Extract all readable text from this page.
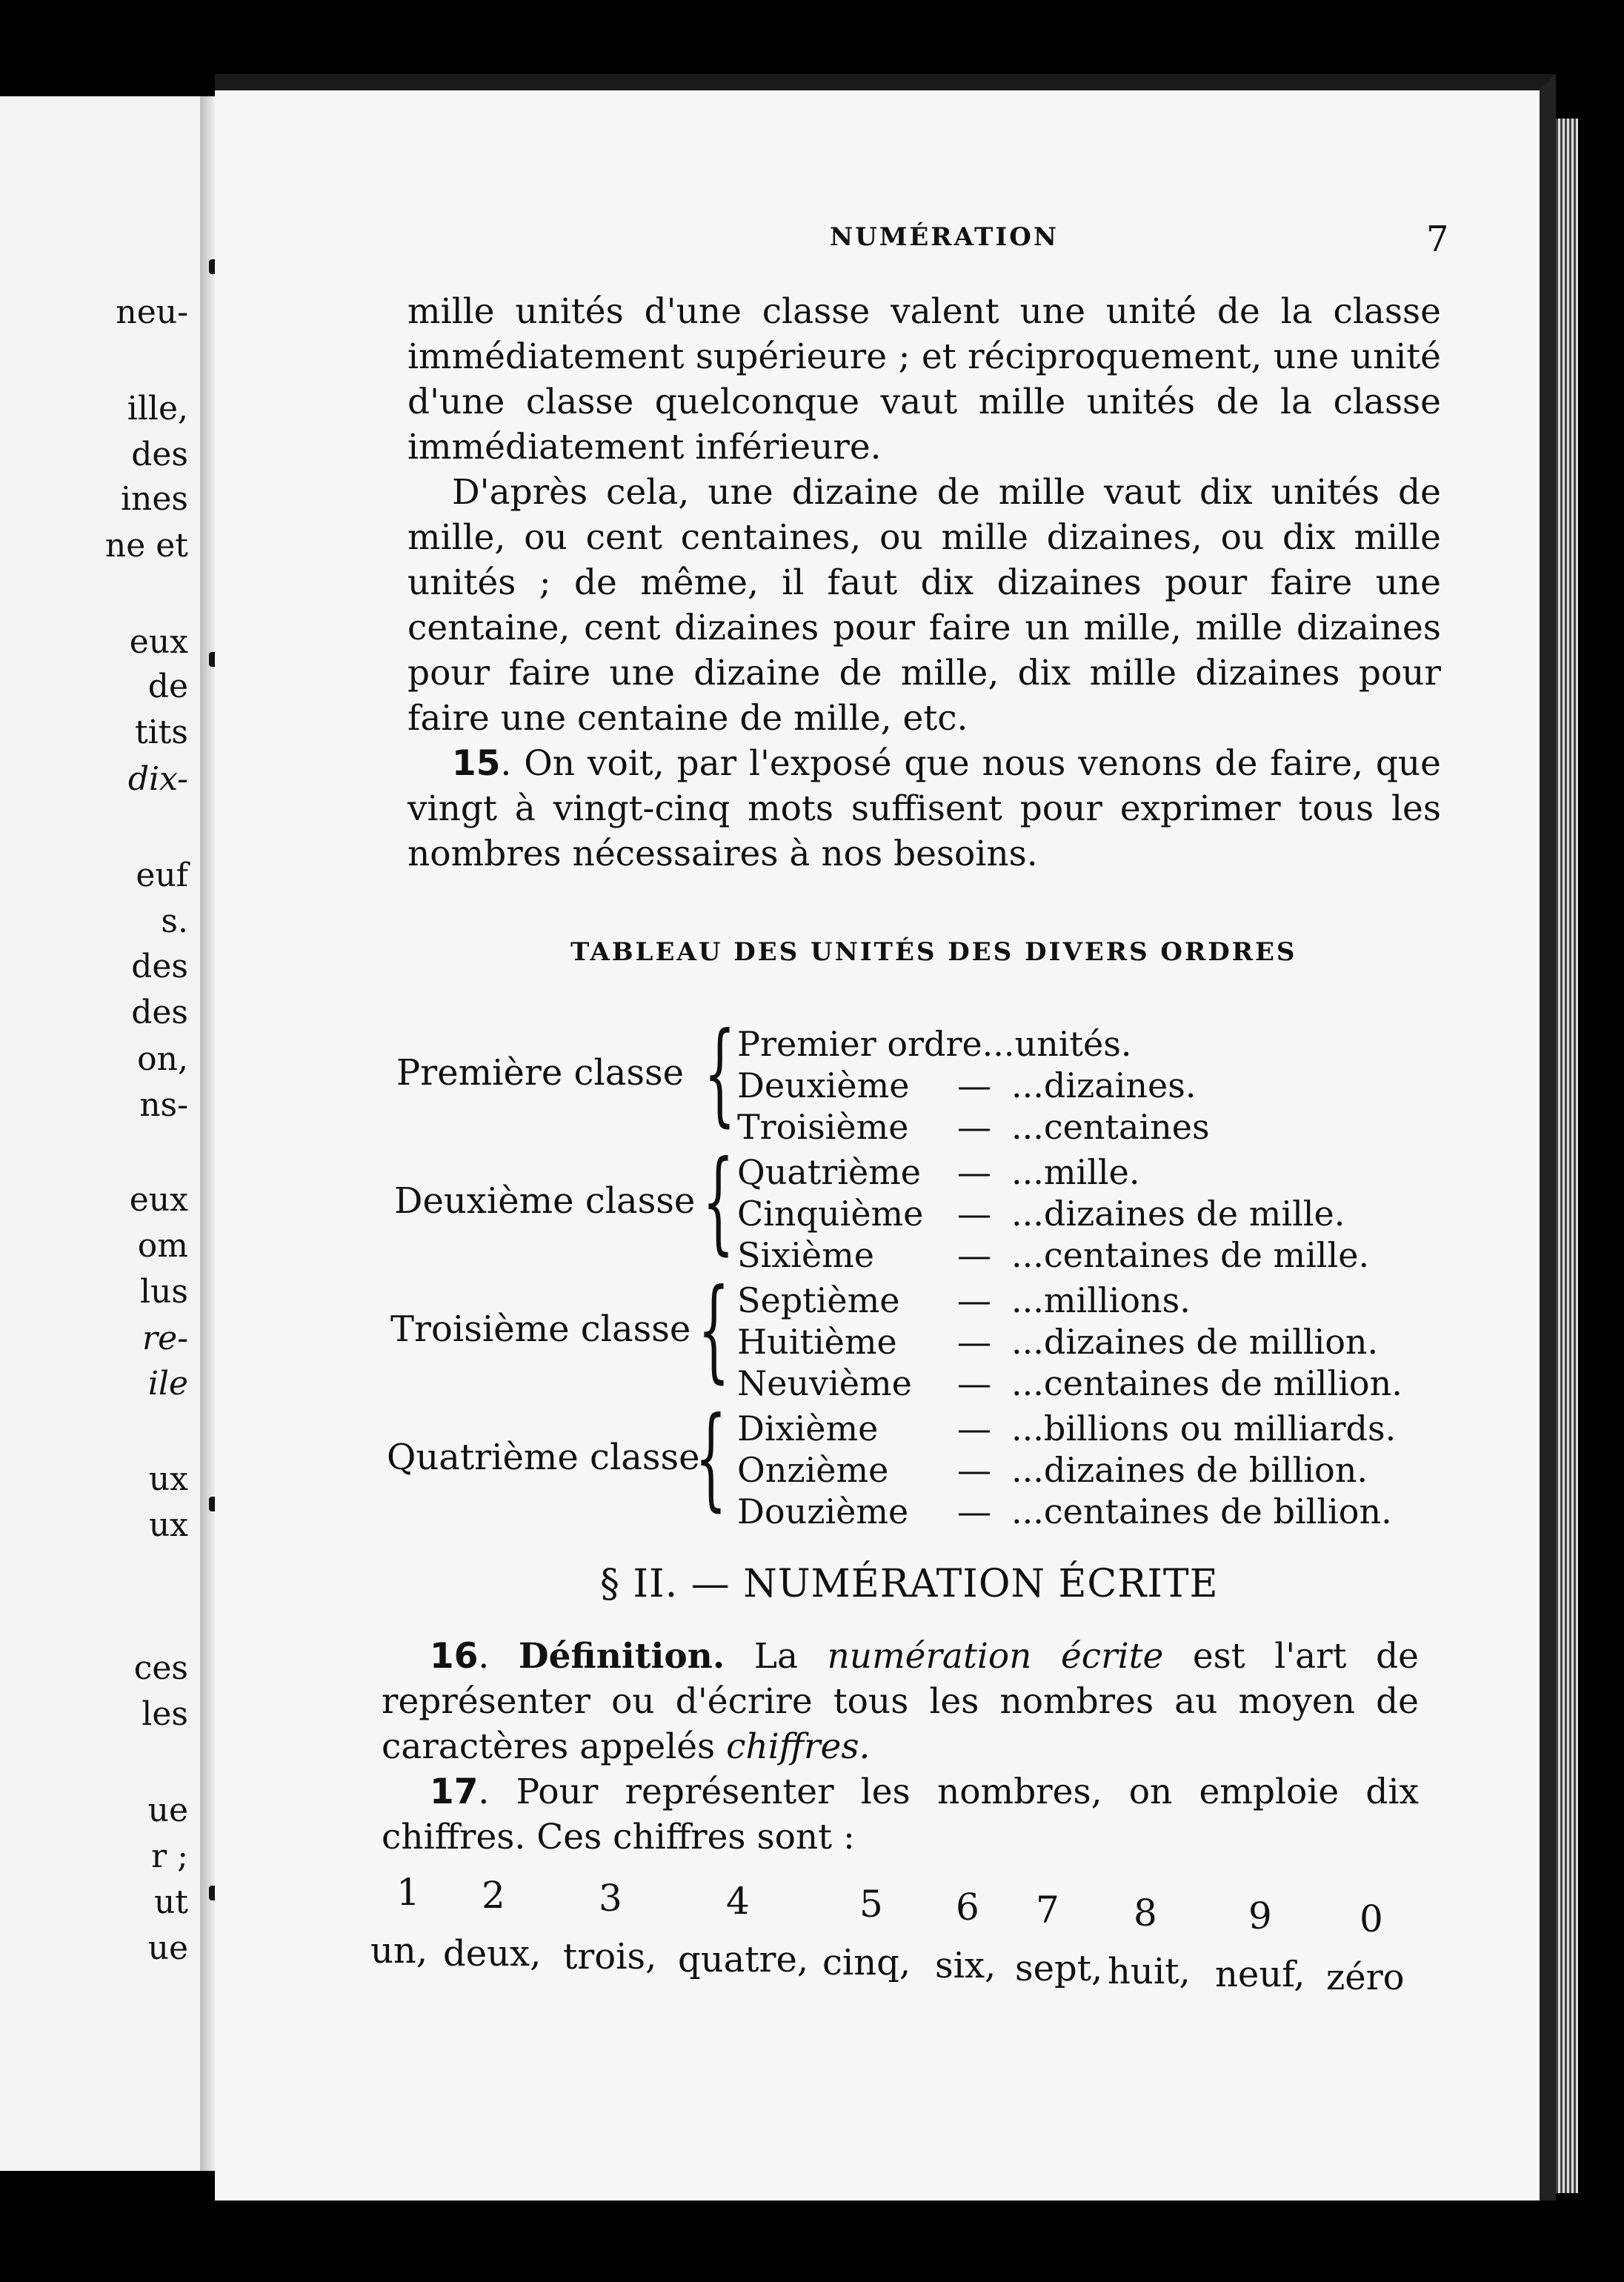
neu-
ille,
des
ines
ne et
eux
de
tits
dix-
euf
s.
des
des
on,
ns-
eux
om
lus
re-
ile
ux
ux
ces
les
ue
r ;
ut
ue
NUMÉRATION	7

mille unités d'une classe valent une unité de la classe immédiatement supérieure ; et réciproquement, une unité d'une classe quelconque vaut mille unités de la classe immédiatement inférieure.

D'après cela, une dizaine de mille vaut dix unités de mille, ou cent centaines, ou mille dizaines, ou dix mille unités ; de même, il faut dix dizaines pour faire une centaine, cent dizaines pour faire un mille, mille dizaines pour faire une dizaine de mille, dix mille dizaines pour faire une centaine de mille, etc.

15. On voit, par l'exposé que nous venons de faire, que vingt à vingt-cinq mots suffisent pour exprimer tous les nombres nécessaires à nos besoins.

TABLEAU DES UNITÉS DES DIVERS ORDRES
Première classe { Premier ordre...unités.
Deuxième — ...dizaines.
Troisième — ...centaines
Deuxième classe { Quatrième — ...mille.
Cinquième — ...dizaines de mille.
Sixième — ...centaines de mille.
Troisième classe { Septième — ...millions.
Huitième — ...dizaines de million.
Neuvième — ...centaines de million.
Quatrième classe
{ Dixième — ...billions ou milliards.
Onzième — ...dizaines de billion.
Douzième — ...centaines de billion.
§ II. — NUMÉRATION ÉCRITE

16. Définition. La numération écrite est l'art de représenter ou d'écrire tous les nombres au moyen de caractères appelés chiffres.

17. Pour représenter les nombres, on emploie dix chiffres. Ces chiffres sont :

1 2	3	4	5 6 7 8 9 0
un, deux, trois, quatre, cinq, six, sept, huit, neuf, zéro
